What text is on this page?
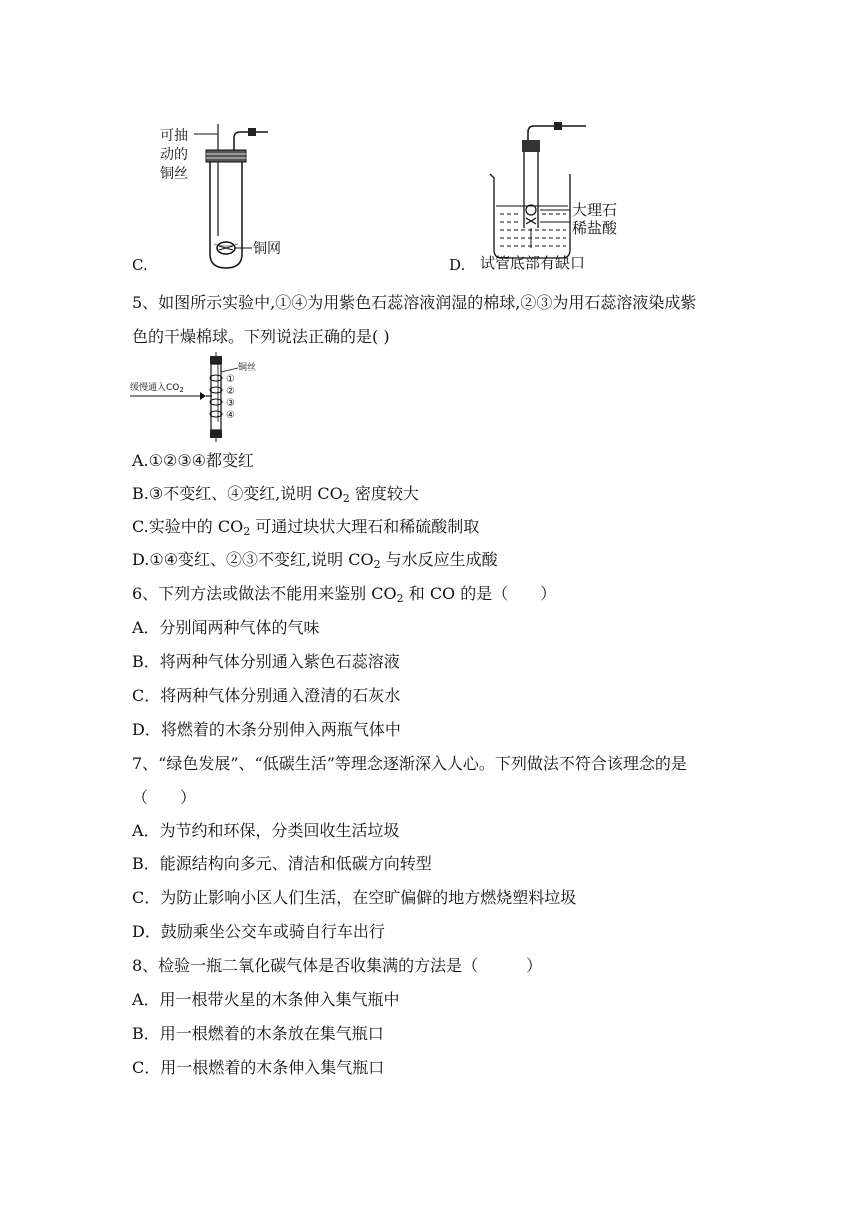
可抽
动的
铜丝
铜网
C.
大理石
稀盐酸
试管底部有缺口
D.
5、如图所示实验中,①④为用紫色石蕊溶液润湿的棉球,②③为用石蕊溶液染成紫
色的干燥棉球。下列说法正确的是( )
缓慢通入$CO_2$
铜丝
①
②
③
④
A.①②③④都变红
B.③不变红、④变红,说明 $CO_2$ 密度较大
C.实验中的 $CO_2$ 可通过块状大理石和稀硫酸制取
D.①④变红、②③不变红,说明 $CO_2$ 与水反应生成酸
6、下列方法或做法不能用来鉴别 $CO_2$ 和 CO 的是（　　）
A．分别闻两种气体的气味
B．将两种气体分别通入紫色石蕊溶液
C．将两种气体分别通入澄清的石灰水
D．将燃着的木条分别伸入两瓶气体中
7、“绿色发展”、“低碳生活”等理念逐渐深入人心。下列做法不符合该理念的是
（　　）
A．为节约和环保，分类回收生活垃圾
B．能源结构向多元、清洁和低碳方向转型
C．为防止影响小区人们生活，在空旷偏僻的地方燃烧塑料垃圾
D．鼓励乘坐公交车或骑自行车出行
8、检验一瓶二氧化碳气体是否收集满的方法是（　　　）
A．用一根带火星的木条伸入集气瓶中
B．用一根燃着的木条放在集气瓶口
C．用一根燃着的木条伸入集气瓶口
